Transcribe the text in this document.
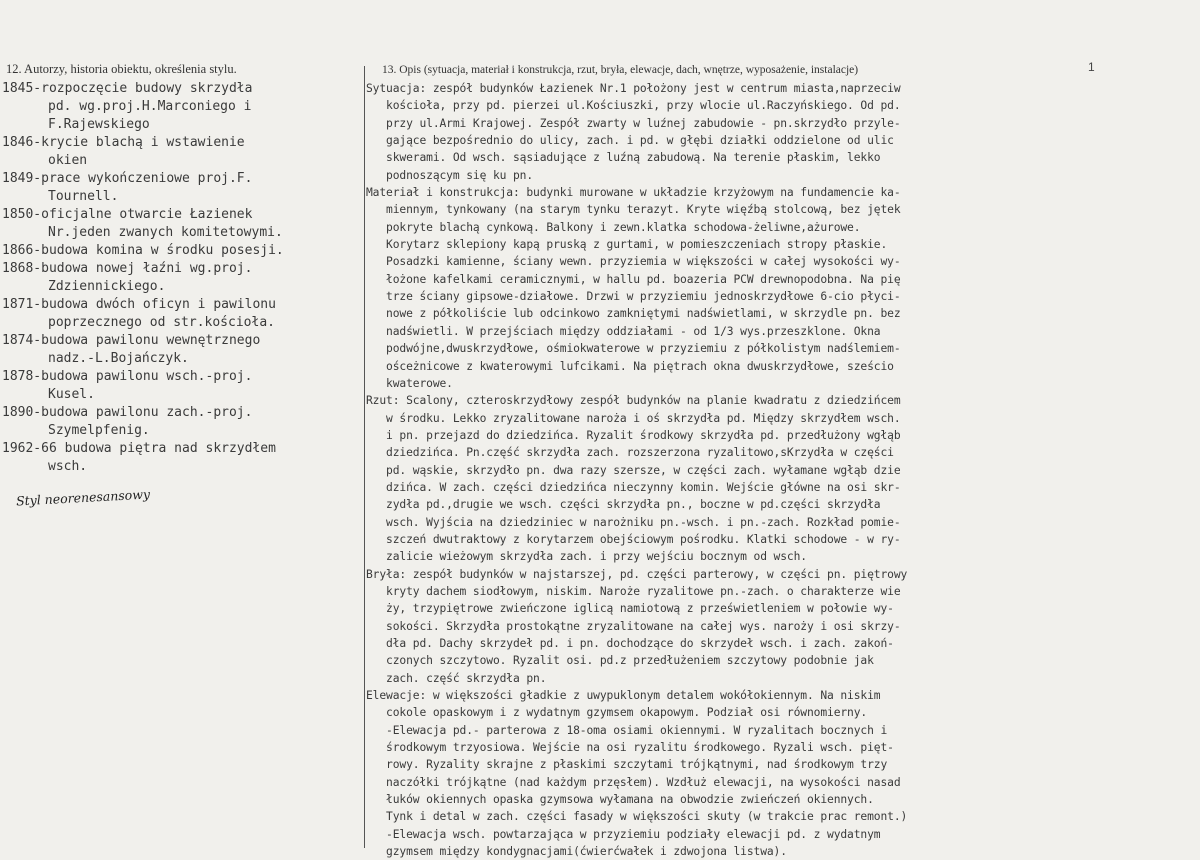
12. Autorzy, historia obiektu, określenia stylu.	13. Opis (sytuacja, materiał i konstrukcja, rzut, bryła, elewacje, dach, wnętrze, wyposażenie, instalacje)	1
1845-rozpoczęcie budowy skrzydła
pd. wg.proj.H.Marconiego i
F.Rajewskiego
1846-krycie blachą i wstawienie
okien
1849-prace wykończeniowe proj.F.
Tournell.
1850-oficjalne otwarcie Łazienek
Nr.jeden zwanych komitetowymi.
1866-budowa komina w środku posesji.
1868-budowa nowej łaźni wg.proj.
Zdziennickiego.
1871-budowa dwóch oficyn i pawilonu
poprzecznego od str.kościoła.
1874-budowa pawilonu wewnętrznego
nadz.-L.Bojańczyk.
1878-budowa pawilonu wsch.-proj.
Kusel.
1890-budowa pawilonu zach.-proj.
Szymelpfenig.
1962-66 budowa piętra nad skrzydłem
wsch.
Styl neorenesansowy
Sytuacja: zespół budynków Łazienek Nr.1 położony jest w centrum miasta,naprzeciw
kościoła, przy pd. pierzei ul.Kościuszki, przy wlocie ul.Raczyńskiego. Od pd.
przy ul.Armi Krajowej. Zespół zwarty w luźnej zabudowie - pn.skrzydło przyle-
gające bezpośrednio do ulicy, zach. i pd. w głębi działki oddzielone od ulic
skwerami. Od wsch. sąsiadujące z luźną zabudową. Na terenie płaskim, lekko
podnoszącym się ku pn.
Materiał i konstrukcja: budynki murowane w układzie krzyżowym na fundamencie ka-
miennym, tynkowany (na starym tynku terazyt. Kryte więźbą stolcową, bez jętek
pokryte blachą cynkową. Balkony i zewn.klatka schodowa-żeliwne,ażurowe.
Korytarz sklepiony kapą pruską z gurtami, w pomieszczeniach stropy płaskie.
Posadzki kamienne, ściany wewn. przyziemia w większości w całej wysokości wy-
łożone kafelkami ceramicznymi, w hallu pd. boazeria PCW drewnopodobna. Na pię
trze ściany gipsowe-działowe. Drzwi w przyziemiu jednoskrzydłowe 6-cio płyci-
nowe z półkoliście lub odcinkowo zamkniętymi nadświetlami, w skrzydle pn. bez
nadświetli. W przejściach między oddziałami - od 1/3 wys.przeszklone. Okna
podwójne,dwuskrzydłowe, ośmiokwaterowe w przyziemiu z półkolistym nadślemiem-
ośceżnicowe z kwaterowymi lufcikami. Na piętrach okna dwuskrzydłowe, sześcio
kwaterowe.
Rzut: Scalony, czteroskrzydłowy zespół budynków na planie kwadratu z dziedzińcem
w środku. Lekko zryzalitowane naroża i oś skrzydła pd. Między skrzydłem wsch.
i pn. przejazd do dziedzińca. Ryzalit środkowy skrzydła pd. przedłużony wgłąb
dziedzińca. Pn.część skrzydła zach. rozszerzona ryzalitowo,sKrzydła w części
pd. wąskie, skrzydło pn. dwa razy szersze, w części zach. wyłamane wgłąb dzie
dzińca. W zach. części dziedzińca nieczynny komin. Wejście główne na osi skr-
zydła pd.,drugie we wsch. części skrzydła pn., boczne w pd.części skrzydła
wsch. Wyjścia na dziedziniec w narożniku pn.-wsch. i pn.-zach. Rozkład pomie-
szczeń dwutraktowy z korytarzem obejściowym pośrodku. Klatki schodowe - w ry-
zalicie wieżowym skrzydła zach. i przy wejściu bocznym od wsch.
Bryła: zespół budynków w najstarszej, pd. części parterowy, w części pn. piętrowy
kryty dachem siodłowym, niskim. Naroże ryzalitowe pn.-zach. o charakterze wie
ży, trzypiętrowe zwieńczone iglicą namiotową z prześwietleniem w połowie wy-
sokości. Skrzydła prostokątne zryzalitowane na całej wys. naroży i osi skrzy-
dła pd. Dachy skrzydeł pd. i pn. dochodzące do skrzydeł wsch. i zach. zakoń-
czonych szczytowo. Ryzalit osi. pd.z przedłużeniem szczytowy podobnie jak
zach. część skrzydła pn.
Elewacje: w większości gładkie z uwypuklonym detalem wokółokiennym. Na niskim
cokole opaskowym i z wydatnym gzymsem okapowym. Podział osi równomierny.
-Elewacja pd.- parterowa z 18-oma osiami okiennymi. W ryzalitach bocznych i
środkowym trzyosiowa. Wejście na osi ryzalitu środkowego. Ryzali wsch. pięt-
rowy. Ryzality skrajne z płaskimi szczytami trójkątnymi, nad środkowym trzy
naczółki trójkątne (nad każdym przęsłem). Wzdłuż elewacji, na wysokości nasad
łuków okiennych opaska gzymsowa wyłamana na obwodzie zwieńczeń okiennych.
Tynk i detal w zach. części fasady w większości skuty (w trakcie prac remont.)
-Elewacja wsch. powtarzająca w przyziemiu podziały elewacji pd. z wydatnym
gzymsem między kondygnacjami(ćwierćwałek i zdwojona listwa).
